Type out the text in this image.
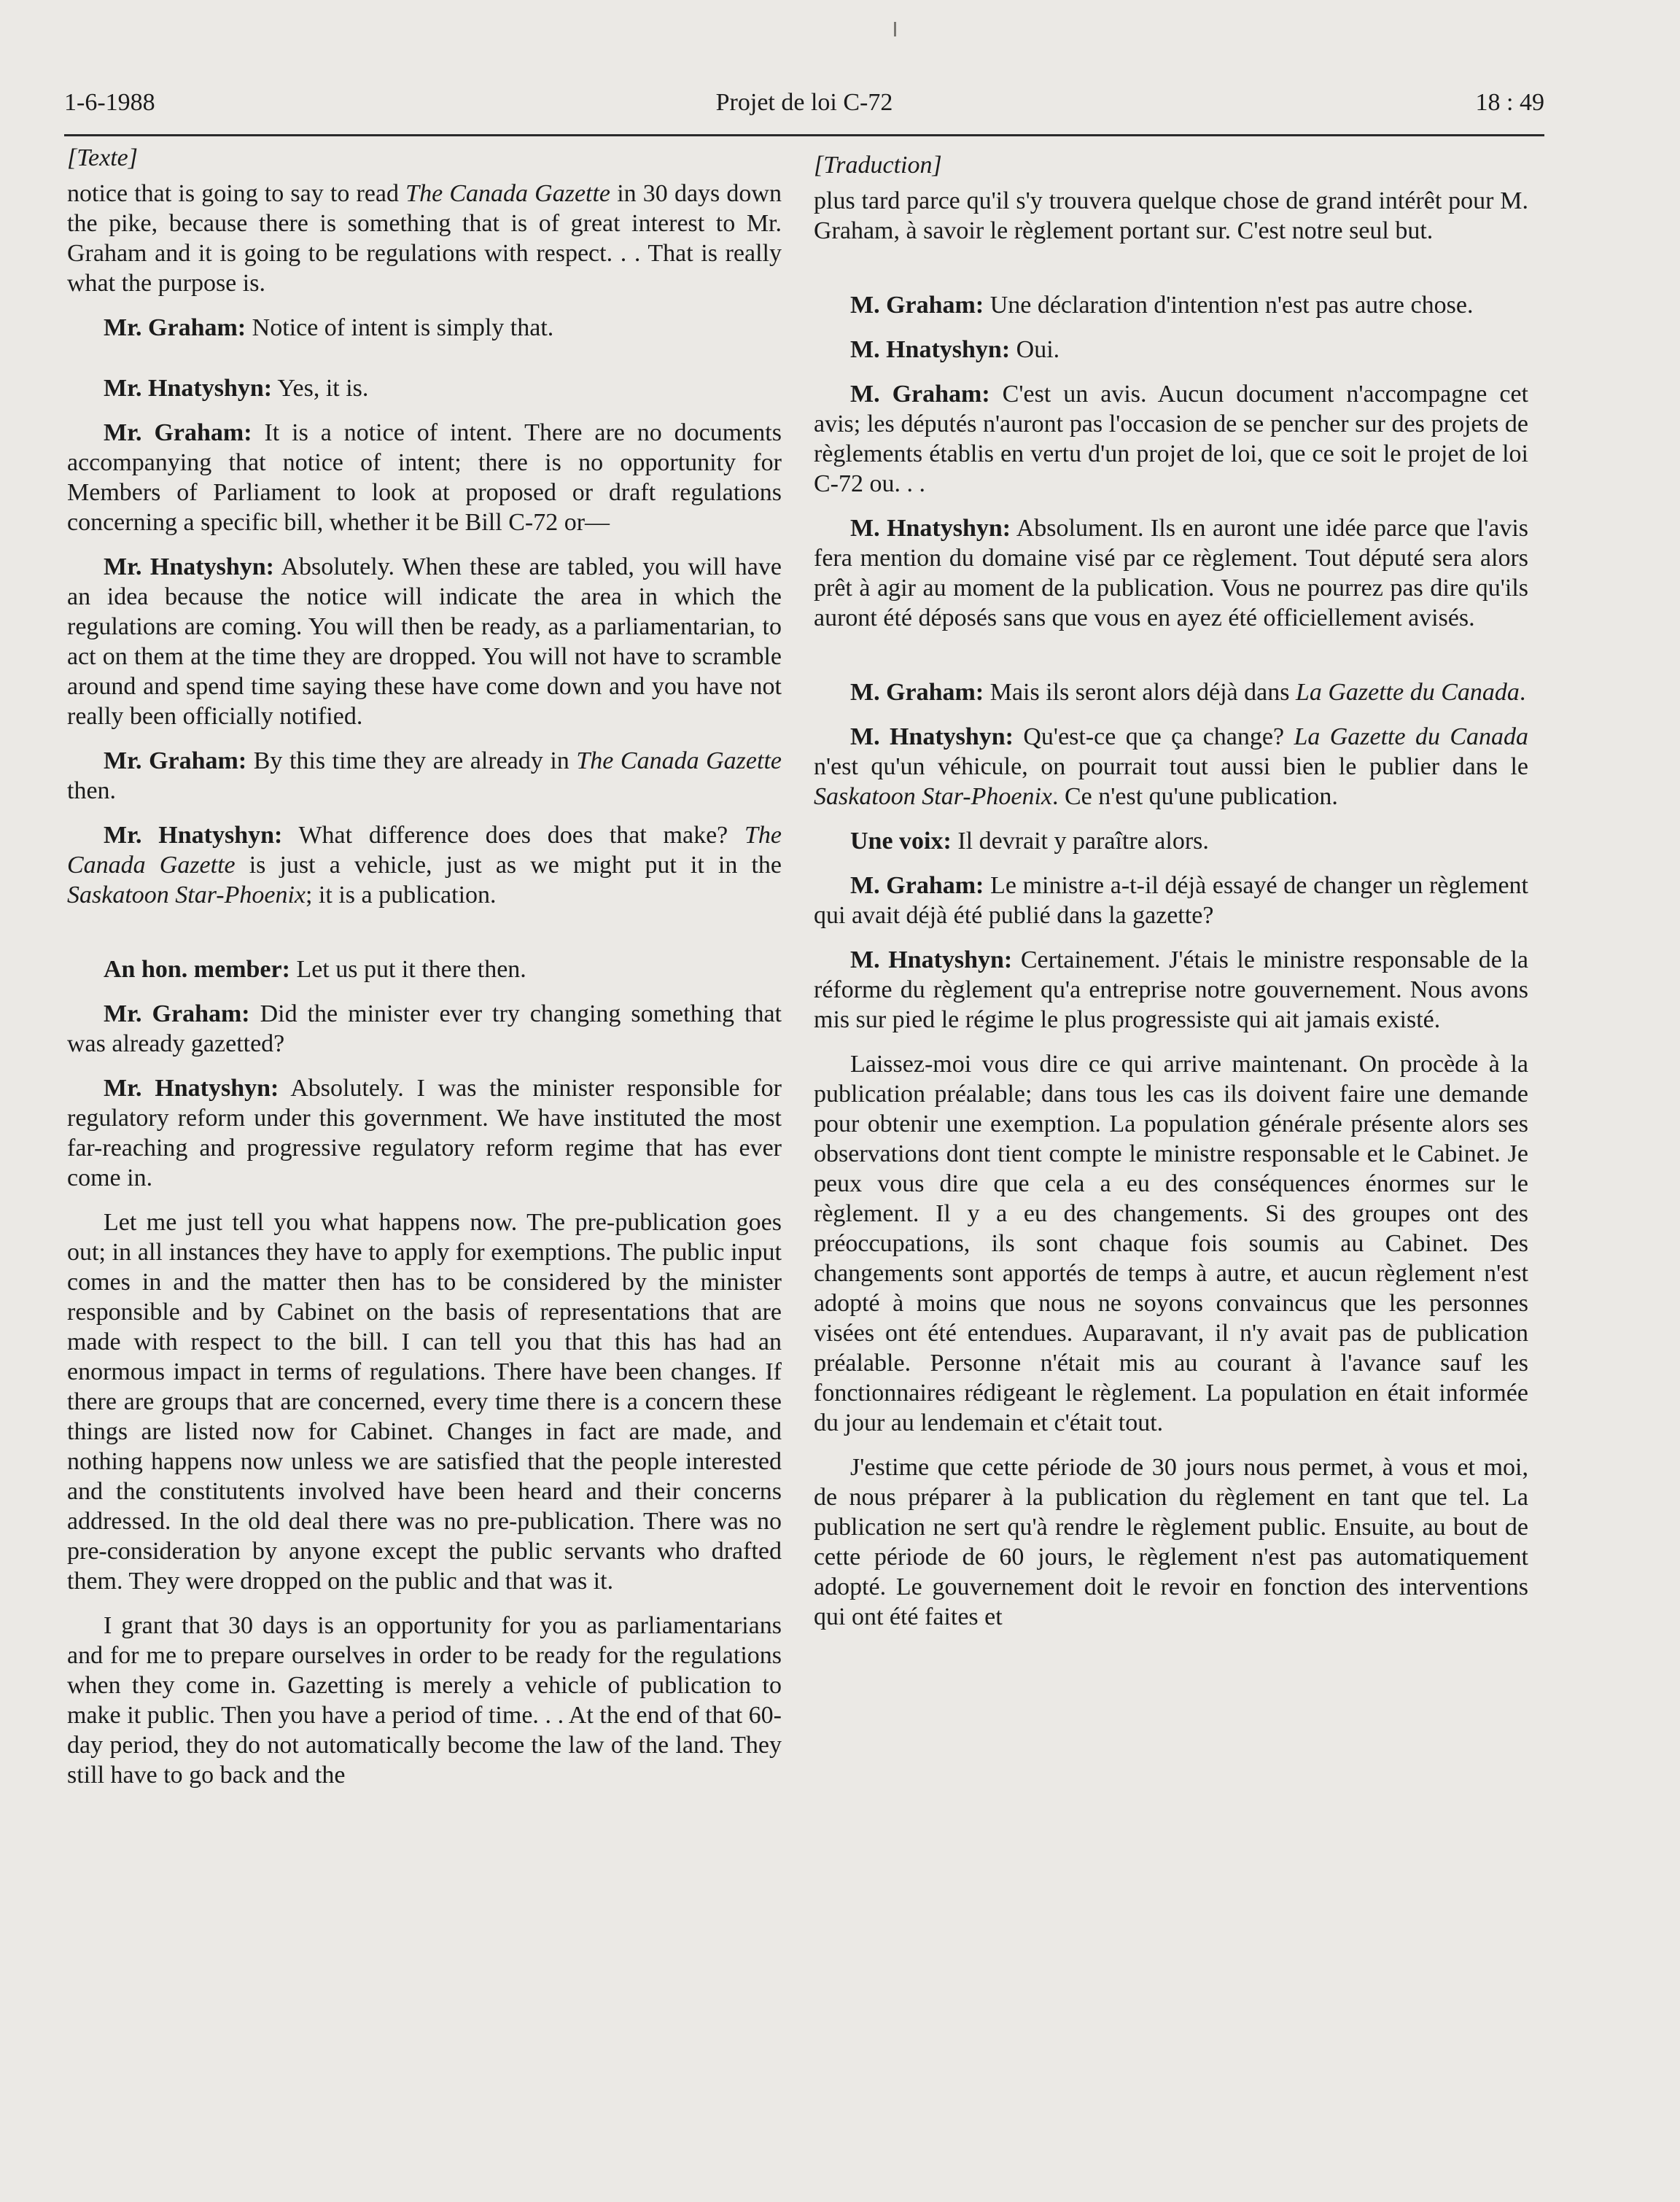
Projet de loi C-72
1-6-1988	18 : 49

[Texte]

notice that is going to say to read The Canada Gazette in 30 days down the pike, because there is something that is of great interest to Mr. Graham and it is going to be regulations with respect. . . That is really what the purpose is.

Mr. Graham: Notice of intent is simply that.

Mr. Hnatyshyn: Yes, it is.

Mr. Graham: It is a notice of intent. There are no documents accompanying that notice of intent; there is no opportunity for Members of Parliament to look at proposed or draft regulations concerning a specific bill, whether it be Bill C-72 or—

Mr. Hnatyshyn: Absolutely. When these are tabled, you will have an idea because the notice will indicate the area in which the regulations are coming. You will then be ready, as a parliamentarian, to act on them at the time they are dropped. You will not have to scramble around and spend time saying these have come down and you have not really been officially notified.

Mr. Graham: By this time they are already in The Canada Gazette then.

Mr. Hnatyshyn: What difference does does that make? The Canada Gazette is just a vehicle, just as we might put it in the Saskatoon Star-Phoenix; it is a publication.

An hon. member: Let us put it there then.

Mr. Graham: Did the minister ever try changing something that was already gazetted?

Mr. Hnatyshyn: Absolutely. I was the minister responsible for regulatory reform under this government. We have instituted the most far-reaching and progressive regulatory reform regime that has ever come in.

Let me just tell you what happens now. The pre-publication goes out; in all instances they have to apply for exemptions. The public input comes in and the matter then has to be considered by the minister responsible and by Cabinet on the basis of representations that are made with respect to the bill. I can tell you that this has had an enormous impact in terms of regulations. There have been changes. If there are groups that are concerned, every time there is a concern these things are listed now for Cabinet. Changes in fact are made, and nothing happens now unless we are satisfied that the people interested and the constitutents involved have been heard and their concerns addressed. In the old deal there was no pre-publication. There was no pre-consideration by anyone except the public servants who drafted them. They were dropped on the public and that was it.

I grant that 30 days is an opportunity for you as parliamentarians and for me to prepare ourselves in order to be ready for the regulations when they come in. Gazetting is merely a vehicle of publication to make it public. Then you have a period of time. . . At the end of that 60-day period, they do not automatically become the law of the land. They still have to go back and the

[Traduction]

plus tard parce qu'il s'y trouvera quelque chose de grand intérêt pour M. Graham, à savoir le règlement portant sur. C'est notre seul but.

M. Graham: Une déclaration d'intention n'est pas autre chose.

M. Hnatyshyn: Oui.

M. Graham: C'est un avis. Aucun document n'accompagne cet avis; les députés n'auront pas l'occasion de se pencher sur des projets de règlements établis en vertu d'un projet de loi, que ce soit le projet de loi C-72 ou. . .

M. Hnatyshyn: Absolument. Ils en auront une idée parce que l'avis fera mention du domaine visé par ce règlement. Tout député sera alors prêt à agir au moment de la publication. Vous ne pourrez pas dire qu'ils auront été déposés sans que vous en ayez été officiellement avisés.

M. Graham: Mais ils seront alors déjà dans La Gazette du Canada.

M. Hnatyshyn: Qu'est-ce que ça change? La Gazette du Canada n'est qu'un véhicule, on pourrait tout aussi bien le publier dans le Saskatoon Star-Phoenix. Ce n'est qu'une publication.

Une voix: Il devrait y paraître alors.

M. Graham: Le ministre a-t-il déjà essayé de changer un règlement qui avait déjà été publié dans la gazette?

M. Hnatyshyn: Certainement. J'étais le ministre responsable de la réforme du règlement qu'a entreprise notre gouvernement. Nous avons mis sur pied le régime le plus progressiste qui ait jamais existé.

Laissez-moi vous dire ce qui arrive maintenant. On procède à la publication préalable; dans tous les cas ils doivent faire une demande pour obtenir une exemption. La population générale présente alors ses observations dont tient compte le ministre responsable et le Cabinet. Je peux vous dire que cela a eu des conséquences énormes sur le règlement. Il y a eu des changements. Si des groupes ont des préoccupations, ils sont chaque fois soumis au Cabinet. Des changements sont apportés de temps à autre, et aucun règlement n'est adopté à moins que nous ne soyons convaincus que les personnes visées ont été entendues. Auparavant, il n'y avait pas de publication préalable. Personne n'était mis au courant à l'avance sauf les fonctionnaires rédigeant le règlement. La population en était informée du jour au lendemain et c'était tout.

J'estime que cette période de 30 jours nous permet, à vous et moi, de nous préparer à la publication du règlement en tant que tel. La publication ne sert qu'à rendre le règlement public. Ensuite, au bout de cette période de 60 jours, le règlement n'est pas automatiquement adopté. Le gouvernement doit le revoir en fonction des interventions qui ont été faites et
